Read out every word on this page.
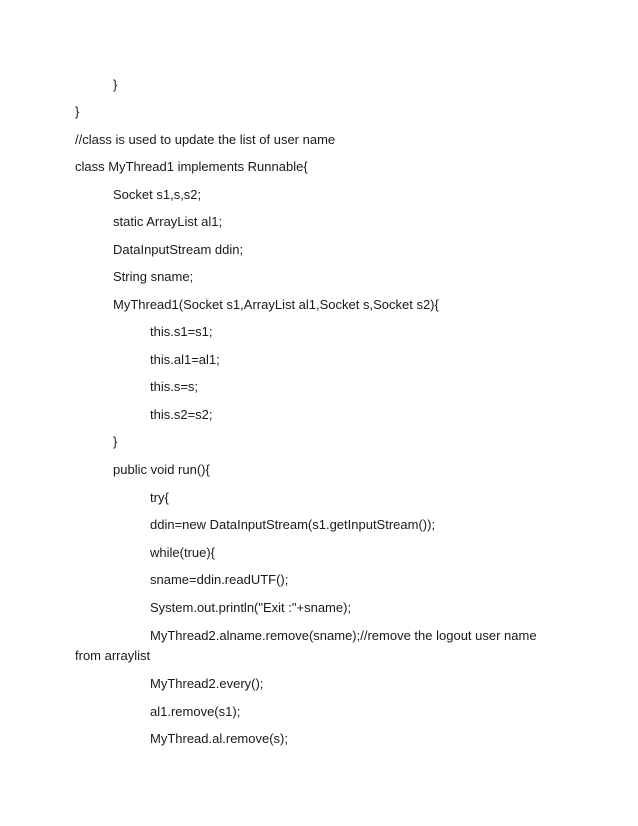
}
}
//class is used to update the list of user name
class MyThread1 implements Runnable{
Socket s1,s,s2;
static ArrayList al1;
DataInputStream ddin;
String sname;
MyThread1(Socket s1,ArrayList al1,Socket s,Socket s2){
this.s1=s1;
this.al1=al1;
this.s=s;
this.s2=s2;
}
public void run(){
try{
ddin=new DataInputStream(s1.getInputStream());
while(true){
sname=ddin.readUTF();
System.out.println("Exit :"+sname);
MyThread2.alname.remove(sname);//remove the logout user name
from arraylist
MyThread2.every();
al1.remove(s1);
MyThread.al.remove(s);
